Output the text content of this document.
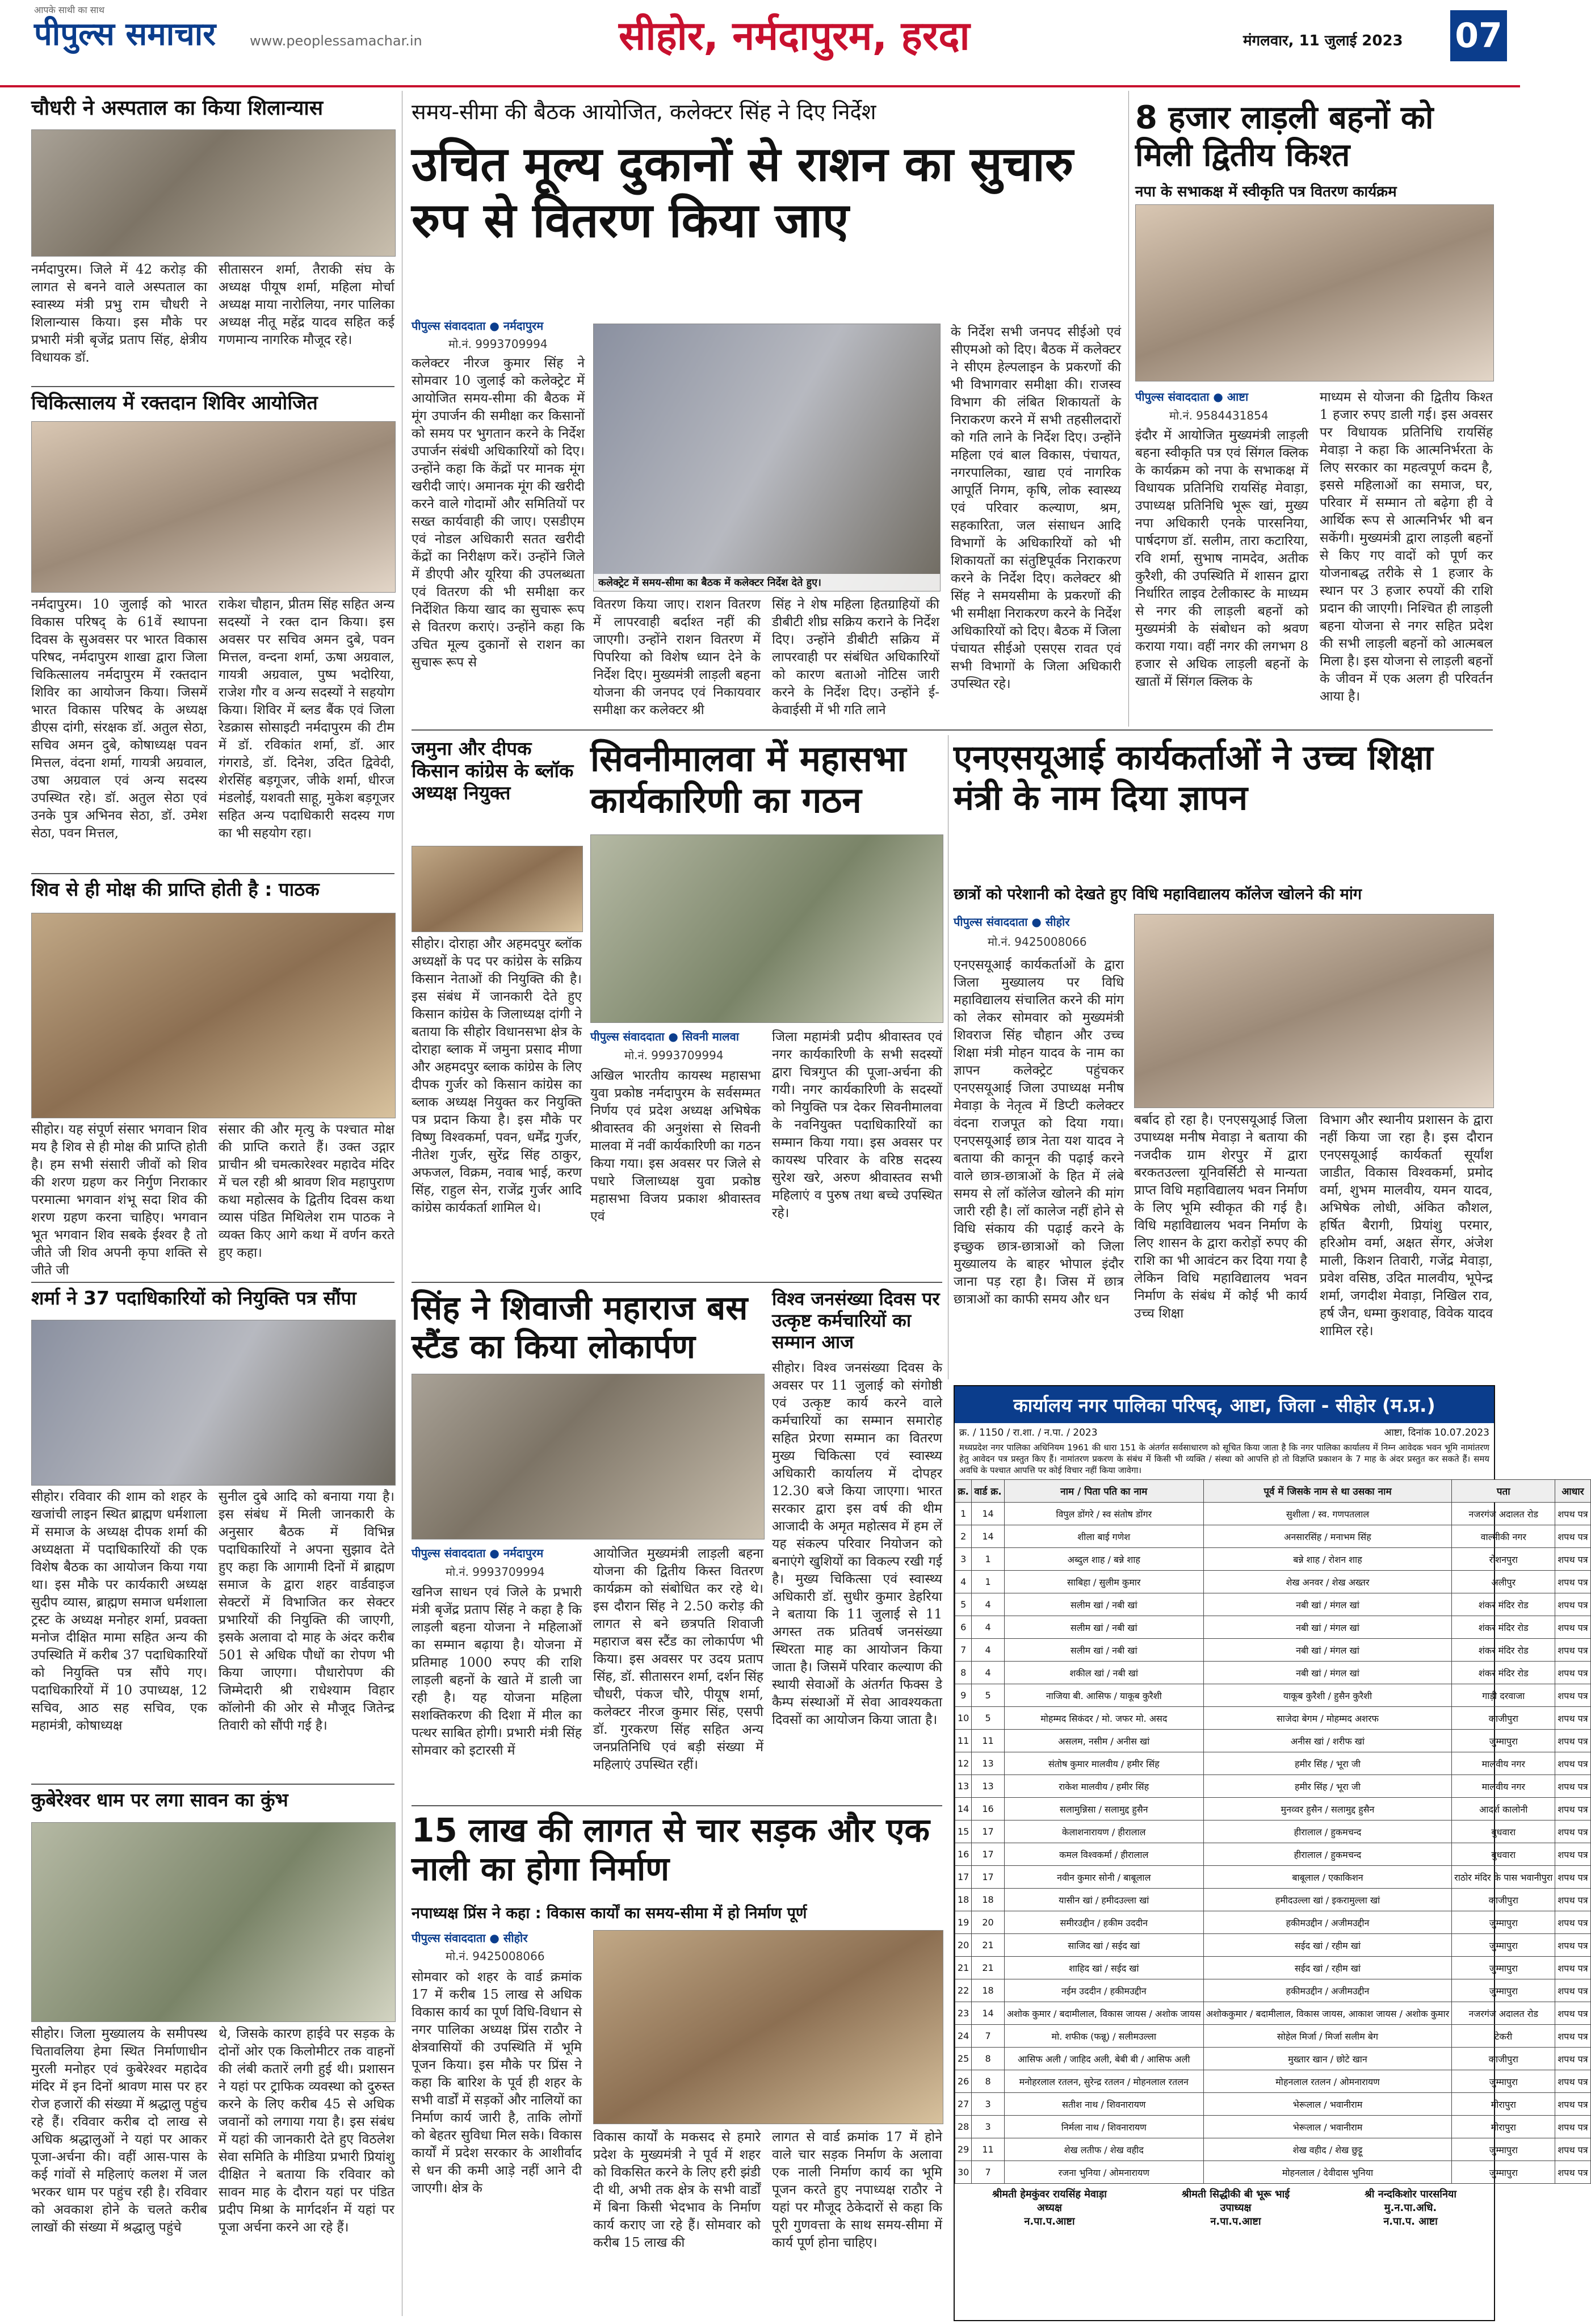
आपके साथी का साथ
पीपुल्स समाचार www.peoplessamachar.in	सीहोर, नर्मदापुरम, हरदा	मंगलवार, 11 जुलाई 2023 07
चौधरी ने अस्पताल का किया शिलान्यास
नर्मदापुरम। जिले में 42 करोड़ की लागत से बनने वाले अस्पताल का स्वास्थ्य मंत्री प्रभु राम चौधरी ने शिलान्यास किया। इस मौके पर प्रभारी मंत्री बृजेंद्र प्रताप सिंह, क्षेत्रीय विधायक डॉ.
सीतासरन शर्मा, तैराकी संघ के अध्यक्ष पीयूष शर्मा, महिला मोर्चा अध्यक्ष माया नारोलिया, नगर पालिका अध्यक्ष नीतू महेंद्र यादव सहित कई गणमान्य नागरिक मौजूद रहे।
चिकित्सालय में रक्तदान शिविर आयोजित
नर्मदापुरम। 10 जुलाई को भारत विकास परिषद् के 61वें स्थापना दिवस के सुअवसर पर भारत विकास परिषद, नर्मदापुरम शाखा द्वारा जिला चिकित्सालय नर्मदापुरम में रक्तदान शिविर का आयोजन किया। जिसमें भारत विकास परिषद के अध्यक्ष डीएस दांगी, संरक्षक डॉ. अतुल सेठा, सचिव अमन दुबे, कोषाध्यक्ष पवन मित्तल, वंदना शर्मा, गायत्री अग्रवाल, उषा अग्रवाल एवं अन्य सदस्य उपस्थित रहे। डॉ. अतुल सेठा एवं उनके पुत्र अभिनव सेठा, डॉ. उमेश सेठा, पवन मित्तल,
राकेश चौहान, प्रीतम सिंह सहित अन्य सदस्यों ने रक्त दान किया। इस अवसर पर सचिव अमन दुबे, पवन मित्तल, वन्दना शर्मा, ऊषा अग्रवाल, गायत्री अग्रवाल, पुष्प भदोरिया, राजेश गौर व अन्य सदस्यों ने सहयोग किया। शिविर में ब्लड बैंक एवं जिला रेडक्रास सोसाइटी नर्मदापुरम की टीम में डॉ. रविकांत शर्मा, डॉ. आर गंगराडे, डॉ. दिनेश, उदित द्विवेदी, शेरसिंह बड़गूजर, जीके शर्मा, धीरज मंडलोई, यशवती साहू, मुकेश बड़गूजर सहित अन्य पदाधिकारी सदस्य गण का भी सहयोग रहा।
शिव से ही मोक्ष की प्राप्ति होती है : पाठक
सीहोर। यह संपूर्ण संसार भगवान शिव मय है शिव से ही मोक्ष की प्राप्ति होती है। हम सभी संसारी जीवों को शिव की शरण ग्रहण कर निर्गुण निराकार परमात्मा भगवान शंभू सदा शिव की शरण ग्रहण करना चाहिए। भगवान भूत भगवान शिव सबके ईश्वर है तो जीते जी शिव अपनी कृपा शक्ति से जीते जी
संसार की और मृत्यु के पश्चात मोक्ष की प्राप्ति कराते हैं। उक्त उद्गार प्राचीन श्री चमत्कारेश्वर महादेव मंदिर में चल रही श्री श्रावण शिव महापुराण कथा महोत्सव के द्वितीय दिवस कथा व्यास पंडित मिथिलेश राम पाठक ने व्यक्त किए आगे कथा में वर्णन करते हुए कहा।
शर्मा ने 37 पदाधिकारियों को नियुक्ति पत्र सौंपा
सीहोर। रविवार की शाम को शहर के खजांची लाइन स्थित ब्राह्मण धर्मशाला में समाज के अध्यक्ष दीपक शर्मा की अध्यक्षता में पदाधिकारियों की एक विशेष बैठक का आयोजन किया गया था। इस मौके पर कार्यकारी अध्यक्ष सुदीप व्यास, ब्राह्मण समाज धर्मशाला ट्रस्ट के अध्यक्ष मनोहर शर्मा, प्रवक्ता मनोज दीक्षित मामा सहित अन्य की उपस्थिति में करीब 37 पदाधिकारियों को नियुक्ति पत्र सौंपे गए। पदाधिकारियों में 10 उपाध्यक्ष, 12 सचिव, आठ सह सचिव, एक महामंत्री, कोषाध्यक्ष
सुनील दुबे आदि को बनाया गया है। इस संबंध में मिली जानकारी के अनुसार बैठक में विभिन्न पदाधिकारियों ने अपना सुझाव देते हुए कहा कि आगामी दिनों में ब्राह्मण समाज के द्वारा शहर वार्डवाइज सेक्टरों में विभाजित कर सेक्टर प्रभारियों की नियुक्ति की जाएगी, इसके अलावा दो माह के अंदर करीब 501 से अधिक पौधों का रोपण भी किया जाएगा। पौधारोपण की जिम्मेदारी श्री राधेश्याम विहार कॉलोनी की ओर से मौजूद जितेन्द्र तिवारी को सौंपी गई है।
कुबेरेश्वर धाम पर लगा सावन का कुंभ
सीहोर। जिला मुख्यालय के समीपस्थ चितावलिया हेमा स्थित निर्माणाधीन मुरली मनोहर एवं कुबेरेश्वर महादेव मंदिर में इन दिनों श्रावण मास पर हर रोज हजारों की संख्या में श्रद्धालु पहुंच रहे हैं। रविवार करीब दो लाख से अधिक श्रद्धालुओं ने यहां पर आकर पूजा-अर्चना की। वहीं आस-पास के कई गांवों से महिलाएं कलश में जल भरकर धाम पर पहुंच रही है। रविवार को अवकाश होने के चलते करीब लाखों की संख्या में श्रद्धालु पहुंचे
थे, जिसके कारण हाईवे पर सड़क के दोनों ओर एक किलोमीटर तक वाहनों की लंबी कतारें लगी हुई थी। प्रशासन ने यहां पर ट्राफिक व्यवस्था को दुरुस्त करने के लिए करीब 45 से अधिक जवानों को लगाया गया है। इस संबंध में यहां की जानकारी देते हुए विठलेश सेवा समिति के मीडिया प्रभारी प्रियांशु दीक्षित ने बताया कि रविवार को सावन माह के दौरान यहां पर पंडित प्रदीप मिश्रा के मार्गदर्शन में यहां पर पूजा अर्चना करने आ रहे हैं।
समय-सीमा की बैठक आयोजित, कलेक्टर सिंह ने दिए निर्देश
उचित मूल्य दुकानों से राशन का सुचारु रुप से वितरण किया जाए
पीपुल्स संवाददाता ● नर्मदापुरम
मो.नं. 9993709994
कलेक्टर नीरज कुमार सिंह ने सोमवार 10 जुलाई को कलेक्ट्रेट में आयोजित समय-सीमा की बैठक में मूंग उपार्जन की समीक्षा कर किसानों को समय पर भुगतान करने के निर्देश उपार्जन संबंधी अधिकारियों को दिए। उन्होंने कहा कि केंद्रों पर मानक मूंग खरीदी जाएं। अमानक मूंग की खरीदी करने वाले गोदामों और समितियों पर सख्त कार्यवाही की जाए। एसडीएम एवं नोडल अधिकारी सतत खरीदी केंद्रों का निरीक्षण करें। उन्होंने जिले में डीएपी और यूरिया की उपलब्धता एवं वितरण की भी समीक्षा कर निर्देशित किया खाद का सुचारू रूप से वितरण कराएं। उन्होंने कहा कि उचित मूल्य दुकानों से राशन का सुचारू रूप से
कलेक्ट्रेट में समय-सीमा का बैठक में कलेक्टर निर्देश देते हुए।
वितरण किया जाए। राशन वितरण में लापरवाही बर्दाश्त नहीं की जाएगी। उन्होंने राशन वितरण में पिपरिया को विशेष ध्यान देने के निर्देश दिए। मुख्यमंत्री लाड़ली बहना योजना की जनपद एवं निकायवार समीक्षा कर कलेक्टर श्री
सिंह ने शेष महिला हितग्राहियों की डीबीटी शीघ्र सक्रिय कराने के निर्देश दिए। उन्होंने डीबीटी सक्रिय में लापरवाही पर संबंधित अधिकारियों को कारण बताओ नोटिस जारी करने के निर्देश दिए। उन्होंने ई-केवाईसी में भी गति लाने
के निर्देश सभी जनपद सीईओ एवं सीएमओ को दिए। बैठक में कलेक्टर ने सीएम हेल्पलाइन के प्रकरणों की भी विभागवार समीक्षा की। राजस्व विभाग की लंबित शिकायतों के निराकरण करने में सभी तहसीलदारों को गति लाने के निर्देश दिए। उन्होंने महिला एवं बाल विकास, पंचायत, नगरपालिका, खाद्य एवं नागरिक आपूर्ति निगम, कृषि, लोक स्वास्थ्य एवं परिवार कल्याण, श्रम, सहकारिता, जल संसाधन आदि विभागों के अधिकारियों को भी शिकायतों का संतुष्टिपूर्वक निराकरण करने के निर्देश दिए। कलेक्टर श्री सिंह ने समयसीमा के प्रकरणों की भी समीक्षा निराकरण करने के निर्देश अधिकारियों को दिए। बैठक में जिला पंचायत सीईओ एसएस रावत एवं सभी विभागों के जिला अधिकारी उपस्थित रहे।
8 हजार लाड़ली बहनों को मिली द्वितीय किश्त
नपा के सभाकक्ष में स्वीकृति पत्र वितरण कार्यक्रम
पीपुल्स संवाददाता ● आष्टा
मो.नं. 9584431854
इंदौर में आयोजित मुख्यमंत्री लाड़ली बहना स्वीकृति पत्र एवं सिंगल क्लिक के कार्यक्रम को नपा के सभाकक्ष में विधायक प्रतिनिधि रायसिंह मेवाड़ा, उपाध्यक्ष प्रतिनिधि भूरू खां, मुख्य नपा अधिकारी एनके पारसनिया, पार्षदगण डॉ. सलीम, तारा कटारिया, रवि शर्मा, सुभाष नामदेव, अतीक कुरैशी, की उपस्थिति में शासन द्वारा निर्धारित लाइव टेलीकास्ट के माध्यम से नगर की लाड़ली बहनों को मुख्यमंत्री के संबोधन को श्रवण कराया गया। वहीं नगर की लगभग 8 हजार से अधिक लाड़ली बहनों के खातों में सिंगल क्लिक के
माध्यम से योजना की द्वितीय किश्त 1 हजार रुपए डाली गई। इस अवसर पर विधायक प्रतिनिधि रायसिंह मेवाड़ा ने कहा कि आत्मनिर्भरता के लिए सरकार का महत्वपूर्ण कदम है, इससे महिलाओं का समाज, घर, परिवार में सम्मान तो बढ़ेगा ही वे आर्थिक रूप से आत्मनिर्भर भी बन सकेंगी। मुख्यमंत्री द्वारा लाड़ली बहनों से किए गए वादों को पूर्ण कर योजनाबद्ध तरीके से 1 हजार के स्थान पर 3 हजार रुपयों की राशि प्रदान की जाएगी। निश्चित ही लाड़ली बहना योजना से नगर सहित प्रदेश की सभी लाड़ली बहनों को आत्मबल मिला है। इस योजना से लाड़ली बहनों के जीवन में एक अलग ही परिवर्तन आया है।
जमुना और दीपक किसान कांग्रेस के ब्लॉक अध्यक्ष नियुक्त
सीहोर। दोराहा और अहमदपुर ब्लॉक अध्यक्षों के पद पर कांग्रेस के सक्रिय किसान नेताओं की नियुक्ति की है। इस संबंध में जानकारी देते हुए किसान कांग्रेस के जिलाध्यक्ष दांगी ने बताया कि सीहोर विधानसभा क्षेत्र के दोराहा ब्लाक में जमुना प्रसाद मीणा और अहमदपुर ब्लाक कांग्रेस के लिए दीपक गुर्जर को किसान कांग्रेस का ब्लाक अध्यक्ष नियुक्त कर नियुक्ति पत्र प्रदान किया है। इस मौके पर विष्णु विश्वकर्मा, पवन, धर्मेंद्र गुर्जर, नीतेश गुर्जर, सुरेंद्र सिंह ठाकुर, अफजल, विक्रम, नवाब भाई, करण सिंह, राहुल सेन, राजेंद्र गुर्जर आदि कांग्रेस कार्यकर्ता शामिल थे।
सिवनीमालवा में महासभा कार्यकारिणी का गठन
पीपुल्स संवाददाता ● सिवनी मालवा
मो.नं. 9993709994
अखिल भारतीय कायस्थ महासभा युवा प्रकोष्ठ नर्मदापुरम के सर्वसम्मत निर्णय एवं प्रदेश अध्यक्ष अभिषेक श्रीवास्तव की अनुशंसा से सिवनी मालवा में नवीं कार्यकारिणी का गठन किया गया। इस अवसर पर जिले से पधारे जिलाध्यक्ष युवा प्रकोष्ठ महासभा विजय प्रकाश श्रीवास्तव एवं
जिला महामंत्री प्रदीप श्रीवास्तव एवं नगर कार्यकारिणी के सभी सदस्यों द्वारा चित्रगुप्त की पूजा-अर्चना की गयी। नगर कार्यकारिणी के सदस्यों को नियुक्ति पत्र देकर सिवनीमालवा के नवनियुक्त पदाधिकारियों का सम्मान किया गया। इस अवसर पर कायस्थ परिवार के वरिष्ठ सदस्य सुरेश खरे, अरुण श्रीवास्तव सभी महिलाएं व पुरुष तथा बच्चे उपस्थित रहे।
एनएसयूआई कार्यकर्ताओं ने उच्च शिक्षा मंत्री के नाम दिया ज्ञापन
छात्रों को परेशानी को देखते हुए विधि महाविद्यालय कॉलेज खोलने की मांग
पीपुल्स संवाददाता ● सीहोर
मो.नं. 9425008066
एनएसयूआई कार्यकर्ताओं के द्वारा जिला मुख्यालय पर विधि महाविद्यालय संचालित करने की मांग को लेकर सोमवार को मुख्यमंत्री शिवराज सिंह चौहान और उच्च शिक्षा मंत्री मोहन यादव के नाम का ज्ञापन कलेक्ट्रेट पहुंचकर एनएसयूआई जिला उपाध्यक्ष मनीष मेवाड़ा के नेतृत्व में डिप्टी कलेक्टर वंदना राजपूत को दिया गया। एनएसयूआई छात्र नेता यश यादव ने बताया की कानून की पढ़ाई करने वाले छात्र-छात्राओं के हित में लंबे समय से लॉ कॉलेज खोलने की मांग जारी रही है। लॉ कालेज नहीं होने से विधि संकाय की पढ़ाई करने के इच्छुक छात्र-छात्राओं को जिला मुख्यालय के बाहर भोपाल इंदौर जाना पड़ रहा है। जिस में छात्र छात्राओं का काफी समय और धन
बर्बाद हो रहा है। एनएसयूआई जिला उपाध्यक्ष मनीष मेवाड़ा ने बताया की नजदीक ग्राम शेरपुर में द्वारा बरकतउल्ला यूनिवर्सिटी से मान्यता प्राप्त विधि महाविद्यालय भवन निर्माण के लिए भूमि स्वीकृत की गई है। विधि महाविद्यालय भवन निर्माण के लिए शासन के द्वारा करोड़ों रुपए की राशि का भी आवंटन कर दिया गया है लेकिन विधि महाविद्यालय भवन निर्माण के संबंध में कोई भी कार्य उच्च शिक्षा
विभाग और स्थानीय प्रशासन के द्वारा नहीं किया जा रहा है। इस दौरान एनएसयूआई कार्यकर्ता सूर्यांश जाडीत, विकास विश्वकर्मा, प्रमोद वर्मा, शुभम मालवीय, यमन यादव, अभिषेक लोधी, अंकित कौशल, हर्षित बैरागी, प्रियांशु परमार, हरिओम वर्मा, अक्षत सेंगर, अंजेश माली, किशन तिवारी, गजेंद्र मेवाड़ा, प्रवेश वसिष्ठ, उदित मालवीय, भूपेन्द्र शर्मा, जगदीश मेवाड़ा, निखिल राव, हर्ष जैन, धम्मा कुशवाह, विवेक यादव शामिल रहे।
सिंह ने शिवाजी महाराज बस स्टैंड का किया लोकार्पण
पीपुल्स संवाददाता ● नर्मदापुरम
मो.नं. 9993709994
खनिज साधन एवं जिले के प्रभारी मंत्री बृजेंद्र प्रताप सिंह ने कहा है कि लाड़ली बहना योजना ने महिलाओं का सम्मान बढ़ाया है। योजना में प्रतिमाह 1000 रुपए की राशि लाड़ली बहनों के खाते में डाली जा रही है। यह योजना महिला सशक्तिकरण की दिशा में मील का पत्थर साबित होगी। प्रभारी मंत्री सिंह सोमवार को इटारसी में
आयोजित मुख्यमंत्री लाड़ली बहना योजना की द्वितीय किस्त वितरण कार्यक्रम को संबोधित कर रहे थे। इस दौरान सिंह ने 2.50 करोड़ की लागत से बने छत्रपति शिवाजी महाराज बस स्टैंड का लोकार्पण भी किया। इस अवसर पर उदय प्रताप सिंह, डॉ. सीतासरन शर्मा, दर्शन सिंह चौधरी, पंकज चौरे, पीयूष शर्मा, कलेक्टर नीरज कुमार सिंह, एसपी डॉ. गुरकरण सिंह सहित अन्य जनप्रतिनिधि एवं बड़ी संख्या में महिलाएं उपस्थित रहीं।
विश्व जनसंख्या दिवस पर उत्कृष्ट कर्मचारियों का सम्मान आज
सीहोर। विश्व जनसंख्या दिवस के अवसर पर 11 जुलाई को संगोष्ठी एवं उत्कृष्ट कार्य करने वाले कर्मचारियों का सम्मान समारोह सहित प्रेरणा सम्मान का वितरण मुख्य चिकित्सा एवं स्वास्थ्य अधिकारी कार्यालय में दोपहर 12.30 बजे किया जाएगा। भारत सरकार द्वारा इस वर्ष की थीम आजादी के अमृत महोत्सव में हम लें यह संकल्प परिवार नियोजन को बनाएंगे खुशियों का विकल्प रखी गई है। मुख्य चिकित्सा एवं स्वास्थ्य अधिकारी डॉ. सुधीर कुमार डेहरिया ने बताया कि 11 जुलाई से 11 अगस्त तक प्रतिवर्ष जनसंख्या स्थिरता माह का आयोजन किया जाता है। जिसमें परिवार कल्याण की स्थायी सेवाओं के अंतर्गत फिक्स डे कैम्प संस्थाओं में सेवा आवश्यकता दिवसों का आयोजन किया जाता है।
15 लाख की लागत से चार सड़क और एक नाली का होगा निर्माण
नपाध्यक्ष प्रिंस ने कहा : विकास कार्यों का समय-सीमा में हो निर्माण पूर्ण
पीपुल्स संवाददाता ● सीहोर
मो.नं. 9425008066
सोमवार को शहर के वार्ड क्रमांक 17 में करीब 15 लाख से अधिक विकास कार्य का पूर्ण विधि-विधान से नगर पालिका अध्यक्ष प्रिंस राठौर ने क्षेत्रवासियों की उपस्थिति में भूमि पूजन किया। इस मौके पर प्रिंस ने कहा कि बारिश के पूर्व ही शहर के सभी वार्डों में सड़कों और नालियों का निर्माण कार्य जारी है, ताकि लोगों को बेहतर सुविधा मिल सके। विकास कार्यों में प्रदेश सरकार के आशीर्वाद से धन की कमी आड़े नहीं आने दी जाएगी। क्षेत्र के
विकास कार्यों के मकसद से हमारे प्रदेश के मुख्यमंत्री ने पूर्व में शहर को विकसित करने के लिए हरी झंडी दी थी, अभी तक क्षेत्र के सभी वार्डों में बिना किसी भेदभाव के निर्माण कार्य कराए जा रहे हैं। सोमवार को करीब 15 लाख की
लागत से वार्ड क्रमांक 17 में होने वाले चार सड़क निर्माण के अलावा एक नाली निर्माण कार्य का भूमि पूजन करते हुए नपाध्यक्ष राठौर ने यहां पर मौजूद ठेकेदारों से कहा कि पूरी गुणवत्ता के साथ समय-सीमा में कार्य पूर्ण होना चाहिए।
कार्यालय नगर पालिका परिषद्, आष्टा, जिला - सीहोर (म.प्र.)
क्र. / 1150 / रा.शा. / न.पा. / 2023	आष्टा, दिनांक 10.07.2023
मध्यप्रदेश नगर पालिका अधिनियम 1961 की धारा 151 के अंतर्गत सर्वसाधारण को सूचित किया जाता है कि नगर पालिका कार्यालय में निम्न आवेदक भवन भूमि नामांतरण हेतु आवेदन पत्र प्रस्तुत किए हैं। नामांतरण प्रकरण के संबंध में किसी भी व्यक्ति / संस्था को आपत्ति हो तो विज्ञप्ति प्रकाशन के 7 माह के अंदर प्रस्तुत कर सकते हैं। समय अवधि के पश्चात आपत्ति पर कोई विचार नहीं किया जावेगा।
क्र.	वार्ड क्र.	नाम / पिता पति का नाम	पूर्व में जिसके नाम से था उसका नाम	पता	आधार
1	14	विपुल डोंगरे / स्व संतोष डोंगर	सुशीला / स्व. गणपतलाल	नजरगंज अदालत रोड	शपथ पत्र
2	14	शीला बाई गणेश	अनसारसिंह / मनाभम सिंह	वाल्मीकी नगर	शपथ पत्र
3	1	अब्दुल शाह / बन्ने शाह	बन्ने शाह / रोशन शाह	रोशनपुरा	शपथ पत्र
4	1	साबिहा / सुलीम कुमार	शेख अनवर / शेख अख्तर	अलीपुर	शपथ पत्र
5	4	सलीम खां / नबी खां	नबी खां / मंगल खां	शंकर मंदिर रोड	शपथ पत्र
6	4	सलीम खां / नबी खां	नबी खां / मंगल खां	शंकर मंदिर रोड	शपथ पत्र
7	4	सलीम खां / नबी खां	नबी खां / मंगल खां	शंकर मंदिर रोड	शपथ पत्र
8	4	शकील खां / नबी खां	नबी खां / मंगल खां	शंकर मंदिर रोड	शपथ पत्र
9	5	नाजिया बी. आसिफ / याकूब कुरैशी	याकूब कुरैशी / हुसैन कुरैशी	गाड़ी दरवाजा	शपथ पत्र
10	5	मोहम्मद सिकंदर / मो. जफर मो. असद	साजेदा बेगम / मोहम्मद अशरफ	काजीपुरा	शपथ पत्र
11	11	असलम, नसीम / अनीस खां	अनीस खां / शरीफ खां	जुम्मापुरा	शपथ पत्र
12	13	संतोष कुमार मालवीय / हमीर सिंह	हमीर सिंह / भूरा जी	मालवीय नगर	शपथ पत्र
13	13	राकेश मालवीय / हमीर सिंह	हमीर सिंह / भूरा जी	मालवीय नगर	शपथ पत्र
14	16	सलामुन्निसा / सलामुद्द हुसैन	मुनव्वर हुसैन / सलामुद्द हुसैन	आदर्श कालोनी	शपथ पत्र
15	17	केलाशनारायण / हीरालाल	हीरालाल / हुकमचन्द	बुधवारा	शपथ पत्र
16	17	कमल विश्वकर्मा / हीरालाल	हीरालाल / हुकमचन्द	बुधवारा	शपथ पत्र
17	17	नवीन कुमार सोनी / बाबूलाल	बाबूलाल / एकाकिशन	राठोर मंदिर के पास भवानीपुरा	शपथ पत्र
18	18	यासीन खां / हमीदउल्ला खां	हमीदउल्ला खां / इकरामुल्ला खां	काजीपुरा	शपथ पत्र
19	20	समीरउद्दीन / हकीम उददीन	हकीमउद्दीन / अजीमउद्दीन	जुम्मापुरा	शपथ पत्र
20	21	साजिद खां / सईद खां	सईद खां / रहीम खां	जुम्मापुरा	शपथ पत्र
21	21	शाहिद खां / सईद खां	सईद खां / रहीम खां	जुम्मापुरा	शपथ पत्र
22	18	नईम उददीन / हकीमउद्दीन	हकीमउद्दीन / अजीमउद्दीन	जुम्मापुरा	शपथ पत्र
23	14	अशोक कुमार / बदामीलाल, विकास जायस / अशोक जायस	अशोककुमार / बदामीलाल, विकास जायस, आकाश जायस / अशोक कुमार	नजरगंज अदालत रोड	शपथ पत्र
24	7	मो. शफीक (फन्नू) / सलीमउल्ला	सोहेल मिर्जा / मिर्जा सलीम बेग	टेकरी	शपथ पत्र
25	8	आसिफ अली / जाहिद अली, बेबी बी / आसिफ अली	मुख्तार खान / छोटे खान	काजीपुरा	शपथ पत्र
26	8	मनोहरलाल रतलन, सुरेन्द्र रतलन / मोहनलाल रतलन	मोहनलाल रतलन / ओमनारायण	जुम्मापुरा	शपथ पत्र
27	3	सतीश नाथ / शिवनारायण	भेरूलाल / भवानीराम	मीरापुरा	शपथ पत्र
28	3	निर्मला नाथ / शिवनारायण	भेरूलाल / भवानीराम	मीरापुरा	शपथ पत्र
29	11	शेख लतीफ / शेख वहीद	शेख वहीद / शेख छुट्टू	जुम्मापुरा	शपथ पत्र
30	7	रजना भुनिया / ओमनारायण	मोहनलाल / देवीदास भुनिया	जुम्मापुरा	शपथ पत्र
श्रीमती हेमकुंवर रायसिंह मेवाड़ा
अध्यक्ष
न.पा.प.आष्टा
श्रीमती सिद्धीकी बी भूरू भाई
उपाध्यक्ष
न.पा.प.आष्टा
श्री नन्दकिशोर पारसनिया
मु.न.पा.अधि.
न.पा.प. आष्टा
